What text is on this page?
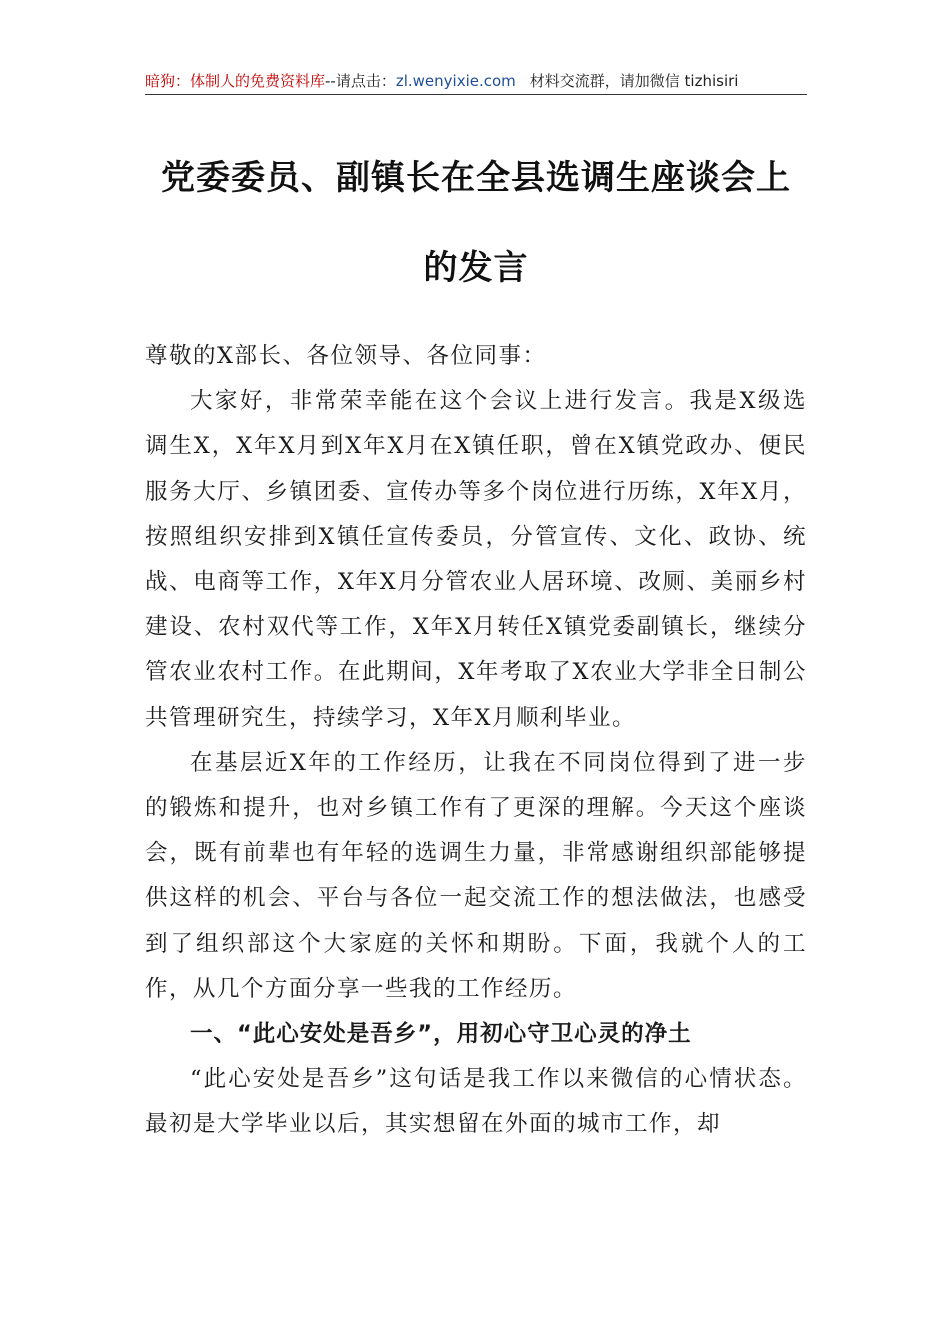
暗狗：体制人的免费资料库--请点击：zl.wenyixie.com 材料交流群，请加微信 tizhisiri
党委委员、副镇长在全县选调生座谈会上
的发言

尊敬的X部长、各位领导、各位同事：

大家好，非常荣幸能在这个会议上进行发言。我是X级选调生X，X年X月到X年X月在X镇任职，曾在X镇党政办、便民服务大厅、乡镇团委、宣传办等多个岗位进行历练，X年X月，按照组织安排到X镇任宣传委员，分管宣传、文化、政协、统战、电商等工作，X年X月分管农业人居环境、改厕、美丽乡村建设、农村双代等工作，X年X月转任X镇党委副镇长，继续分管农业农村工作。在此期间，X年考取了X农业大学非全日制公共管理研究生，持续学习，X年X月顺利毕业。

在基层近X年的工作经历，让我在不同岗位得到了进一步的锻炼和提升，也对乡镇工作有了更深的理解。今天这个座谈会，既有前辈也有年轻的选调生力量，非常感谢组织部能够提供这样的机会、平台与各位一起交流工作的想法做法，也感受到了组织部这个大家庭的关怀和期盼。下面，我就个人的工作，从几个方面分享一些我的工作经历。

一、“此心安处是吾乡”，用初心守卫心灵的净土

“此心安处是吾乡”这句话是我工作以来微信的心情状态。最初是大学毕业以后，其实想留在外面的城市工作，却
